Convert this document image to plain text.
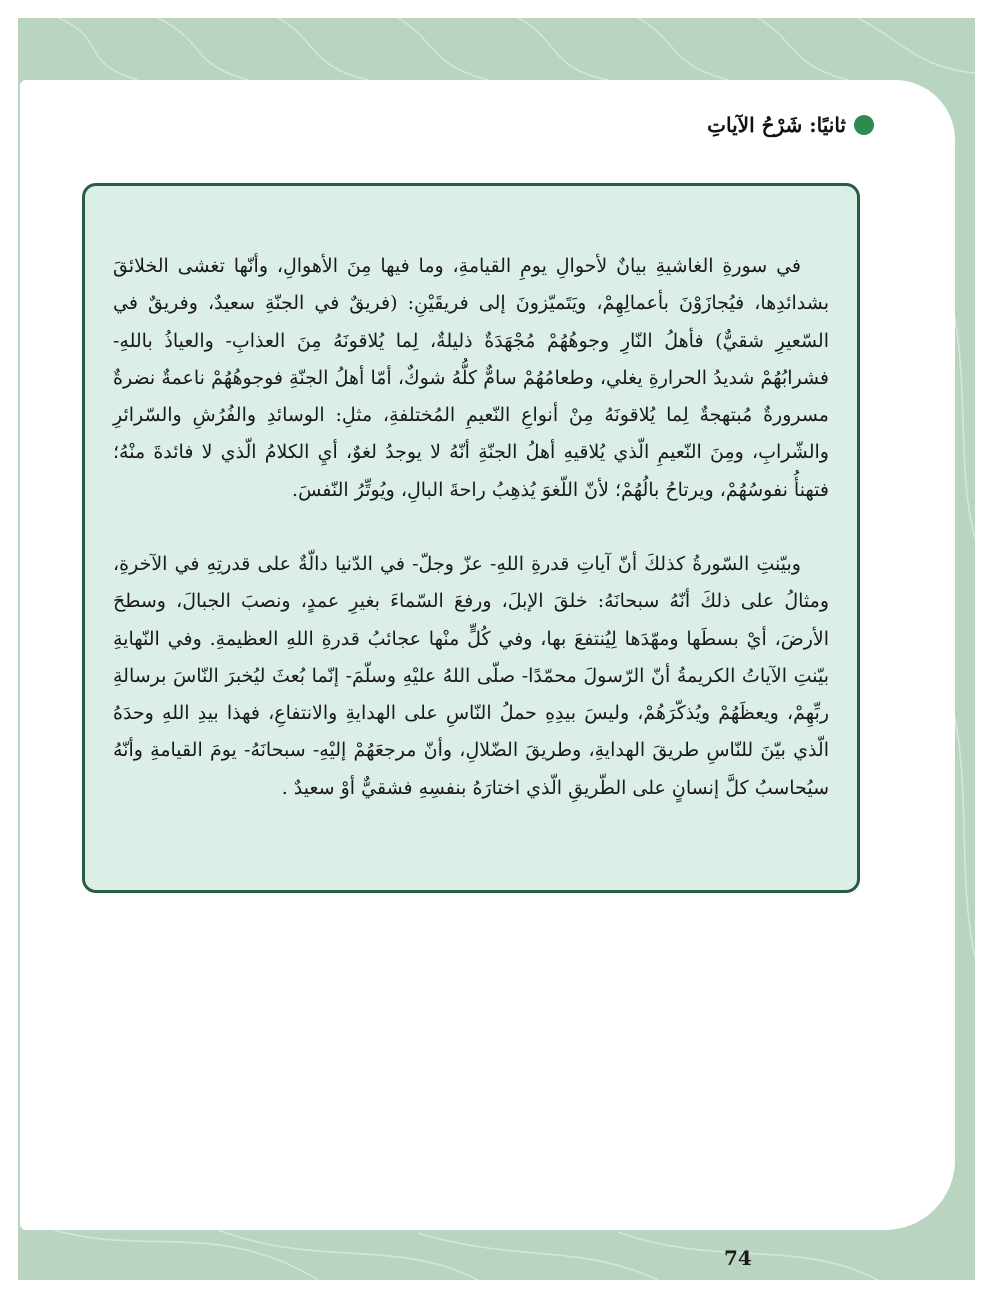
ثانيًا: شَرْحُ الآياتِ

في سورةِ الغاشيةِ بيانٌ لأحوالِ يومِ القيامةِ، وما فيها مِنَ الأهوالِ، وأنّها تغشى الخلائقَ بشدائدِها، فيُجازَوْنَ بأعمالِهِمْ، ويَتَميّزونَ إلى فريقَيْنِ: (فريقٌ في الجنّةِ سعيدٌ، وفريقٌ في السّعيرِ شقيٌّ) فأهلُ النّارِ وجوهُهُمْ مُجْهَدَةٌ ذليلةٌ، لِما يُلاقونَهُ مِنَ العذابِ- والعياذُ باللهِ- فشرابُهُمْ شديدُ الحرارةِ يغلي، وطعامُهُمْ سامٌّ كلُّهُ شوكٌ، أمّا أهلُ الجنّةِ فوجوهُهُمْ ناعمةٌ نضرةٌ مسرورةٌ مُبتهجةٌ لِما يُلاقونَهُ مِنْ أنواعِ النّعيمِ المُختلفةِ، مثلِ: الوسائدِ والفُرُشِ والسّرائرِ والشّرابِ، ومِنَ النّعيمِ الّذي يُلاقيهِ أهلُ الجنّةِ أنّهُ لا يوجدُ لغوٌ، أيِ الكلامُ الّذي لا فائدةَ منْهُ؛ فتهنأُ نفوسُهُمْ، ويرتاحُ بالُهُمْ؛ لأنّ اللّغوَ يُذهِبُ راحةَ البالِ، ويُوتِّرُ النّفسَ.

وبيّنتِ السّورةُ كذلكَ أنّ آياتِ قدرةِ اللهِ- عزّ وجلّ- في الدّنيا دالّةٌ على قدرتِهِ في الآخرةِ، ومثالُ على ذلكَ أنّهُ سبحانَهُ: خلقَ الإبلَ، ورفعَ السّماءَ بغيرِ عمدٍ، ونصبَ الجبالَ، وسطحَ الأرضَ، أيْ بسطَها ومهّدَها لِيُنتفعَ بها، وفي كُلٍّ منْها عجائبُ قدرةِ اللهِ العظيمةِ. وفي النّهايةِ بيّنتِ الآياتُ الكريمةُ أنّ الرّسولَ محمّدًا- صلّى اللهُ عليْهِ وسلّمَ- إنّما بُعثَ ليُخبرَ النّاسَ برسالةِ ربِّهِمْ، ويعظَهُمْ ويُذكّرَهُمْ، وليسَ بيدِهِ حملُ النّاسِ على الهدايةِ والانتفاعِ، فهذا بيدِ اللهِ وحدَهُ الّذي بيّنَ للنّاسِ طريقَ الهدايةِ، وطريقَ الضّلالِ، وأنّ مرجعَهُمْ إليْهِ- سبحانَهُ- يومَ القيامةِ وأنّهُ سيُحاسبُ كلَّ إنسانٍ على الطّريقِ الّذي اختارَهُ بنفسِهِ فشقيٌّ أوْ سعيدٌ .

74
